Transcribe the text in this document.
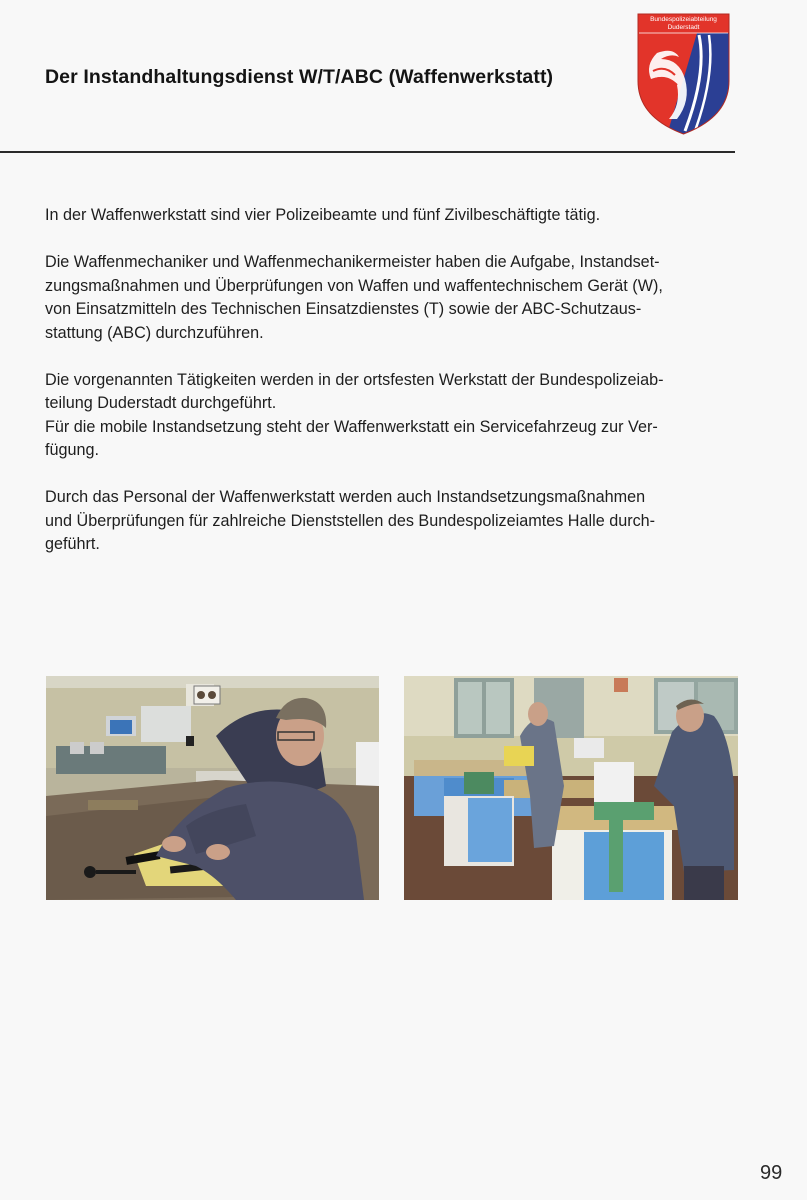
Der Instandhaltungsdienst W/T/ABC (Waffenwerkstatt)
Bundespolizeiabteilung
Duderstadt

In der Waffenwerkstatt sind vier Polizeibeamte und fünf Zivilbeschäftigte tätig.

Die Waffenmechaniker und Waffenmechanikermeister haben die Aufgabe, Instandset-
zungsmaßnahmen und Überprüfungen von Waffen und waffentechnischem Gerät (W),
von Einsatzmitteln des Technischen Einsatzdienstes (T) sowie der ABC-Schutzaus-
stattung (ABC) durchzuführen.

Die vorgenannten Tätigkeiten werden in der ortsfesten Werkstatt der Bundespolizeiab-
teilung Duderstadt durchgeführt.
Für die mobile Instandsetzung steht der Waffenwerkstatt ein Servicefahrzeug zur Ver-
fügung.

Durch das Personal der Waffenwerkstatt werden auch Instandsetzungsmaßnahmen
und Überprüfungen für zahlreiche Dienststellen des Bundespolizeiamtes Halle durch-
geführt.

99
